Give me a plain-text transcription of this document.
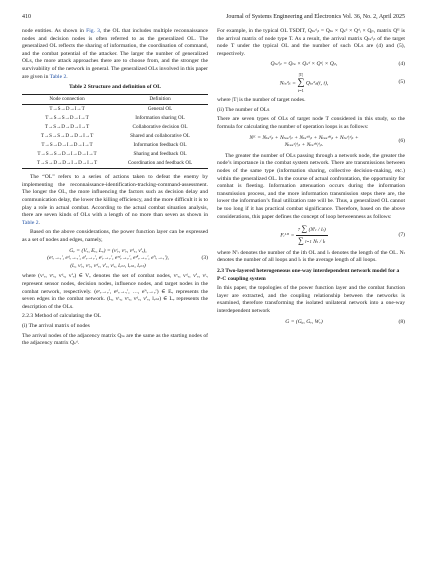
410	Journal of Systems Engineering and Electronics Vol. 36, No. 2, April 2025

node entities. As shown in Fig. 3, the OL that includes multiple reconnaissance nodes and decision nodes is often referred to as the generalized OL. The generalized OL reflects the sharing of information, the coordination of command, and the combat potential of the attacker. The larger the number of generalized OLs, the more attack approaches there are to choose from, and the stronger the survivability of the network in general. The generalized OLs involved in this paper are given in Table 2.

Table 2 Structure and definition of OL
Node connection	Definition
T→S→D→I→T	General OL
T→S→S→D→I→T	Information sharing OL
T→S→D→D→I→T	Collaborative decision OL
T→S→S→D→D→I→T	Shared and collaborative OL
T→S→D→I→D→I→T	Information feedback OL
T→S→S→D→I→D→I→T	Sharing and feedback OL
T→S→D→D→I→D→I→T	Coordination and feedback OL

The “OL” refers to a series of actions taken to defeat the enemy by implementing the reconnaissance-identification-tracking-command-assessment. The longer the OL, the more influencing the factors such as decision delay and communication delay, the lower the killing efficiency, and the more difficult it is to play a role in actual combat. According to the actual combat situation analysis, there are seven kinds of OLs with a length of no more than seven as shown in Table 2.

Based on the above considerations, the power function layer can be expressed as a set of nodes and edges, namely,

Gᵥ = (Vᵥ, Eᵥ, Lᵥ) = (vᵗᵥ, vˢᵥ, vᵈᵥ, vⁱᵥ),
(eˢᵥ→ᵥ′, eᵈᵥ→ᵥ′, eⁱᵥ→ᵥ′, eᵗᵥ→ᵥ′, eˢᵈᵥ→ᵥ′, eᵈⁱᵥ→ᵥ′, eⁱᵗᵥ→ᵥ′),
(lᵥ, vᵗᵥ, vˢᵥ, vᵈᵥ, vⁱᵥ, vᵗᵥ, lᵥₙₗ, lᵥₙₗ, lᵥₙₗ)
(3)

where (vᵗᵥ, vˢᵥ, vᵈᵥ, vⁱᵥ) ∈ Vᵥ denotes the set of combat nodes, vˢᵥ, vᵈᵥ, vⁱᵥ, vᵗᵥ represent sensor nodes, decision nodes, influence nodes, and target nodes in the combat network, respectively. (eˢᵥ→ᵥ′, eᵈᵥ→ᵥ′, …, eⁱᵗᵥ→ᵥ′) ∈ Eᵥ represents the seven edges in the combat network. (lᵥ, vᵗᵥ, vˢᵥ, vᵈᵥ, vⁱᵥ, lᵥₙₗ) ∈ Lᵥ represents the description of the OLs.

2.2.3 Method of calculating the OL
(i) The arrival matrix of nodes

The arrival nodes of the adjacency matrix Qₜₛ are the same as the starting nodes of the adjacency matrix Qₛᵈ.

For example, in the typical OL TSDIT, Qₜₛᵈᵢₜ = Qₜₛ × Qₛᵈ × Qᵈᵢ × Qᵢₜ, matrix Qᴵᴵ is the arrival matrix of node type T. As a result, the arrival matrix Qₜₛᵈᵢₜ of the target node T under the typical OL and the number of such OLs are (4) and (5), respectively.

Qₜₛᵈᵢₜ = Qₜₛ × Qₛᵈ × Qᵈᵢ × Qᵢₜ,	(4)
Nₜₛᵈᵢₜ =
|T|
∑
i=1
Qₜₛᵈᵢₜ(i, i),	(5)

where |T| is the number of target nodes.

(ii) The number of OLs

There are seven types of OLs of target node T considered in this study, so the formula for calculating the number of operation loops is as follows:

Nᴷ = Nₜₛᵈᵢₜ + Nₜₛₛᵈᵢₜ + Nₜₛᵈᵈᵢₜ + Nₜₛₛᵈᵈᵢₜ + Nₜₛᵈᵢᵈᵢₜ +
Nₜₛₛᵈᵢᵈᵢₜ + Nₜₛᵈᵈᵢᵈᵢₜ.
(6)

The greater the number of OLs passing through a network node, the greater the node’s importance in the combat system network. There are transmissions between nodes of the same type (information sharing, collective decision-making, etc.) within the generalized OL. In the course of actual confrontation, the opportunity for combat is fleeting. Information attenuation occurs during the information transmission process, and the more information transmission steps there are, the lower the information’s final utilization rate will be. Thus, a generalized OL cannot be too long if it has practical combat significance. Therefore, based on the above considerations, this paper defines the concept of loop betweenness as follows:

Fᵢᴸᴿ = $\frac{\text{7 ∑ (Nⁱₗ / lₗ)}}{\text{∑ l=1 Nₗ / lₗ}}$	(7)

where Nⁱₗ denotes the number of the ith OL and lₗ denotes the length of the OL. Nₗ denotes the number of all loops and lₗ is the average length of all loops.

2.3 Two-layered heterogeneous one-way interdependent network model for a P-C coupling system

In this paper, the topologies of the power function layer and the combat function layer are extracted, and the coupling relationship between the networks is examined, therefore transforming the isolated unilateral network into a one-way interdependent network

G = (Gᵨ, Gᵥ, Wᵥ)	(8)
